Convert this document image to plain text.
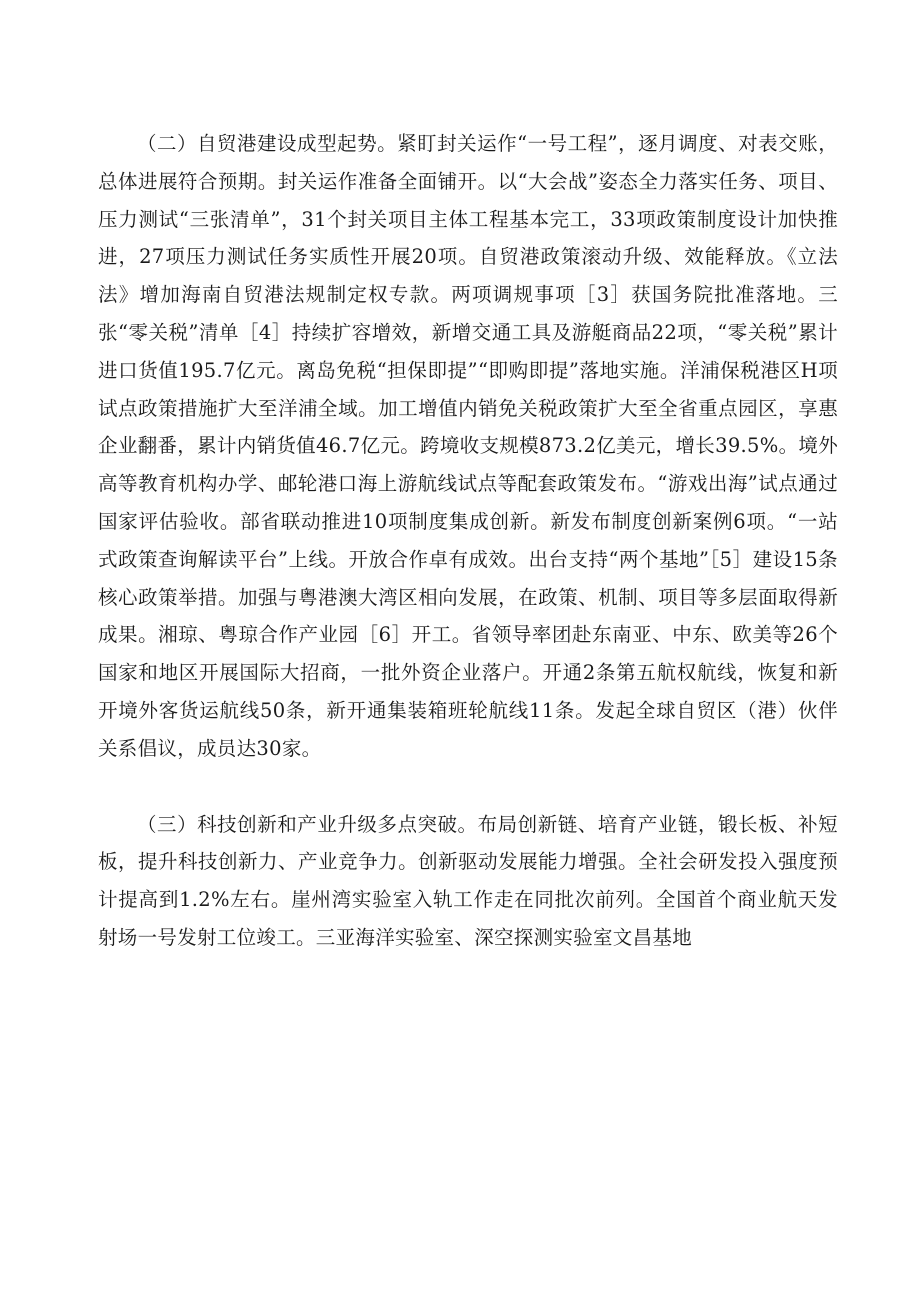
（二）自贸港建设成型起势。紧盯封关运作“一号工程”，逐月调度、对表交账，总体进展符合预期。封关运作准备全面铺开。以“大会战”姿态全力落实任务、项目、压力测试“三张清单”，31个封关项目主体工程基本完工，33项政策制度设计加快推进，27项压力测试任务实质性开展20项。自贸港政策滚动升级、效能释放。《立法法》增加海南自贸港法规制定权专款。两项调规事项［3］获国务院批准落地。三张“零关税”清单［4］持续扩容增效，新增交通工具及游艇商品22项，“零关税”累计进口货值195.7亿元。离岛免税“担保即提”“即购即提”落地实施。洋浦保税港区H项试点政策措施扩大至洋浦全域。加工增值内销免关税政策扩大至全省重点园区，享惠企业翻番，累计内销货值46.7亿元。跨境收支规模873.2亿美元，增长39.5%。境外高等教育机构办学、邮轮港口海上游航线试点等配套政策发布。“游戏出海”试点通过国家评估验收。部省联动推进10项制度集成创新。新发布制度创新案例6项。“一站式政策查询解读平台”上线。开放合作卓有成效。出台支持“两个基地”［5］建设15条核心政策举措。加强与粤港澳大湾区相向发展，在政策、机制、项目等多层面取得新成果。湘琼、粤琼合作产业园［6］开工。省领导率团赴东南亚、中东、欧美等26个国家和地区开展国际大招商，一批外资企业落户。开通2条第五航权航线，恢复和新开境外客货运航线50条，新开通集装箱班轮航线11条。发起全球自贸区（港）伙伴关系倡议，成员达30家。

（三）科技创新和产业升级多点突破。布局创新链、培育产业链，锻长板、补短板，提升科技创新力、产业竞争力。创新驱动发展能力增强。全社会研发投入强度预计提高到1.2%左右。崖州湾实验室入轨工作走在同批次前列。全国首个商业航天发射场一号发射工位竣工。三亚海洋实验室、深空探测实验室文昌基地
